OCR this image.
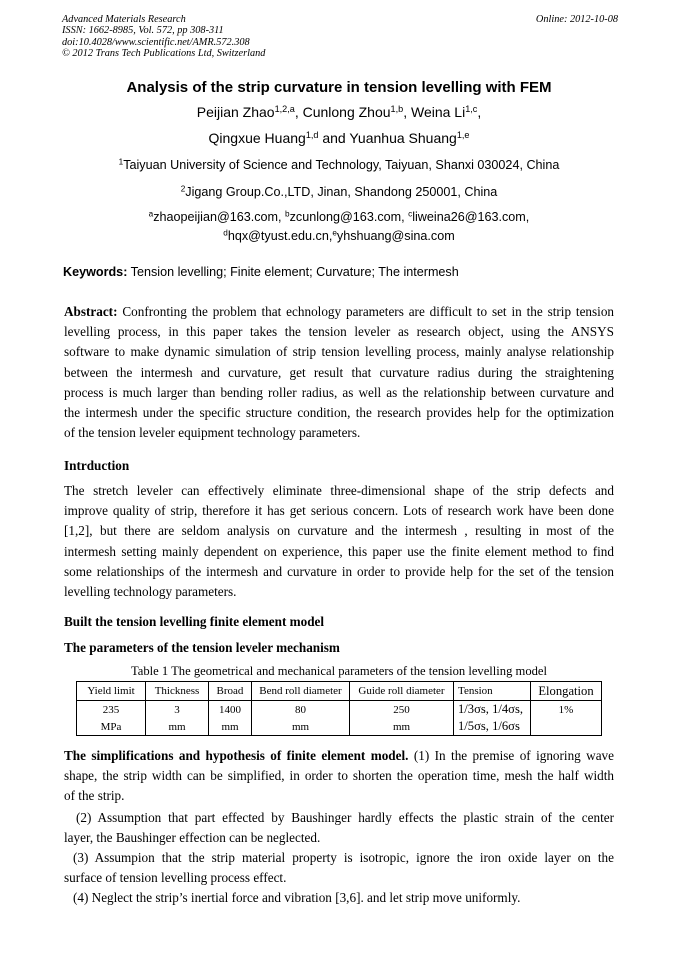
Advanced Materials Research
ISSN: 1662-8985, Vol. 572, pp 308-311
doi:10.4028/www.scientific.net/AMR.572.308
© 2012 Trans Tech Publications Ltd, Switzerland
Online: 2012-10-08
Analysis of the strip curvature in tension levelling with FEM
Peijian Zhao$^{1,2,a}$, Cunlong Zhou$^{1,b}$, Weina Li$^{1,c}$,
Qingxue Huang$^{1,d}$ and Yuanhua Shuang$^{1,e}$
$^1$Taiyuan University of Science and Technology, Taiyuan, Shanxi 030024, China
$^2$Jigang Group.Co.,LTD, Jinan, Shandong 250001, China
$^a$zhaopeijian@163.com, $^b$zcunlong@163.com, $^c$liweina26@163.com,
$^d$hqx@tyust.edu.cn,$^e$yhshuang@sina.com
Keywords: Tension levelling; Finite element; Curvature; The intermesh
Abstract: Confronting the problem that echnology parameters are difficult to set in the strip tension
levelling process, in this paper takes the tension leveler as research object, using the ANSYS
software to make dynamic simulation of strip tension levelling process, mainly analyse relationship
between the intermesh and curvature, get result that curvature radius during the straightening
process is much larger than bending roller radius, as well as the relationship between curvature and
the intermesh under the specific structure condition, the research provides help for the optimization
of the tension leveler equipment technology parameters.
Intrduction
The stretch leveler can effectively eliminate three-dimensional shape of the strip defects and
improve quality of strip, therefore it has get serious concern. Lots of research work have been done
[1,2], but there are seldom analysis on curvature and the intermesh , resulting in most of the
intermesh setting mainly dependent on experience, this paper use the finite element method to find
some relationships of the intermesh and curvature in order to provide help for the set of the tension
levelling technology parameters.
Built the tension levelling finite element model
The parameters of the tension leveler mechanism
Table 1 The geometrical and mechanical parameters of the tension levelling model
Yield limit	Thickness	Broad	Bend roll diameter	Guide roll diameter	Tension	Elongation
235	3	1400	80	250	1/3σs, 1/4σs,	1%
MPa	mm	mm	mm	mm	1/5σs, 1/6σs	
The simplifications and hypothesis of finite element model. (1) In the premise of ignoring wave
shape, the strip width can be simplified, in order to shorten the operation time, mesh the half width
of the strip.
(2) Assumption that part effected by Baushinger hardly effects the plastic strain of the center
layer, the Baushinger effection can be neglected.
(3) Assumpion that the strip material property is isotropic, ignore the iron oxide layer on the
surface of tension levelling process effect.
(4) Neglect the strip’s inertial force and vibration [3,6]. and let strip move uniformly.
